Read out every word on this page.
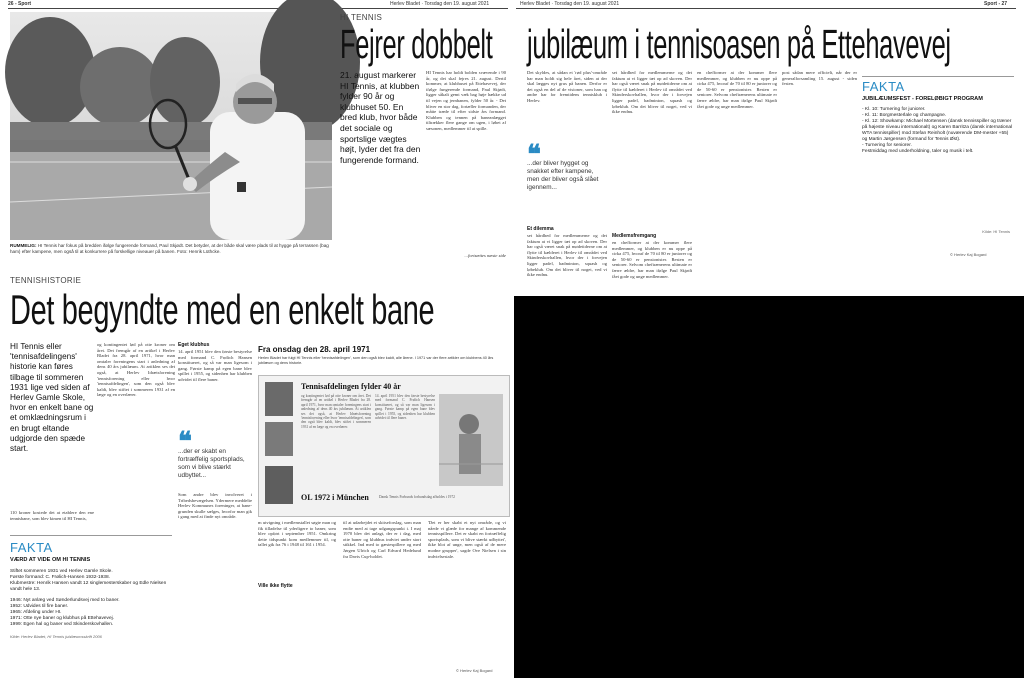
26 - Sport	Herlev Bladet · Torsdag den 19. august 2021
RUMMELIG: HI Tennis har fokus på bredden ifølge fungerende formand, Paul Skjødt. Det betyder, at der både skal være plads til at hygge på terrassen (bag ham) efter kampene, men også til at konkurrere på forskellige niveauer på banen. Foto: Henrik Lüthcke.
HI TENNIS
Fejrer dobbelt
21. august markerer HI Tennis, at klubben fylder 90 år og klubhuset 50. En bred klub, hvor både det sociale og sportslige vægtes højt, lyder det fra den fungerende formand.
HI Tennis har holdt bolden svævende i 90 år, og det skal fejres 21. august. Dertil kommer, at klubhuset på Ettehavevej, der ifølge fungerende formand, Paul Skjødt, ligger såkalt gemt væk bag høje hække ud til vejen og jernbanen, fylder 50 år. - Det bliver en stor dag, fortæller formanden, der måtte træde til efter sidste års formand. Klubben og tennen på baneanlægget tiltrækker flere gange om ugen, i løbet af sæsonen, medlemmer til at spille.
...fortsættes næste side
Herlev Bladet · Torsdag den 19. august 2021	Sport - 27
jubilæum i tennisoasen på Ettehavevej
Det skyldes, at sådan et 'rød plus'-område har man holdt sig hele året, siden at der skal lægges nyt grus på banen. Derfor er det også en del af de visioner, som han og andre har for fremtidens tennisklub i Herlev.
❝
...der bliver hygget og snakket efter kampene, men der bliver også slået igennem...
Et dilemma
set hårdhed for medlemmerne og det faktum at vi ligger tæt op ad skoven. Der har også været snak på mødetiderne om at flytte til kælderet i Herlev til området ved Skinderskovhallen, hvor der i forvejen ligger padel, badminton, squash og løbeklub. Om det bliver til noget, ved vi ikke endnu.
set hårdhed for medlemmerne og det faktum at vi ligger tæt op ad skoven. Der har også været snak på mødetiderne om at flytte til kælderet i Herlev til området ved Skinderskovhallen, hvor der i forvejen ligger padel, badminton, squash og løbeklub. Om det bliver til noget, ved vi ikke endnu.
Medlemsfremgang
en chefformer at der kommer flere medlemmer, og klubben er nu oppe på cirka 475, hvoraf de 70 til 80 er juniorer og de 50-60 er pensionister. Resten er seniorer. Selvom cheftrænerens ultimate er færre ældre, har man ifølge Paul Skjødt fået gode og unge medlemmer.
en chefformer at der kommer flere medlemmer, og klubben er nu oppe på cirka 475, hvoraf de 70 til 80 er juniorer og de 50-60 er pensionister. Resten er seniorer. Selvom cheftrænerens ultimate er færre ældre, har man ifølge Paul Skjødt fået gode og unge medlemmer.
post sådan mere officielt, når der er generalforsamling 15. august - siden festen.	FAKTA
JUBILÆUMSFEST - FORELØBIGT PROGRAM
- Kl. 10: Turnering for juniorer.
- Kl. 11: Borgmesterlale og champagne.
- Kl. 12: Showkamp: Michael Mortensen (dansk tennisspiller og træner på højeste niveau internationalt) og Karen Barritza (dansk international WTA tennisspiller) mod Stefan Reinholt (nuværende DM-mester +55) og Martin Jørgensen (formand for Tennis Øst).
- Turnering for seniorer.
Festmiddag med underholdning, taler og musik i telt.
Kilde: HI Tennis
© Herlev Kaj Bogard
TENNISHISTORIE
Det begyndte med en enkelt bane
HI Tennis eller 'tennisafdelingens' historie kan føres tilbage til sommeren 1931 lige ved siden af Herlev Gamle Skole, hvor en enkelt bane og et omklædningsrum i en brugt eltande udgjorde den spæde start.
110 kroner kostede det at etablere den ene tennisbane, som blev kimen til HI Tennis,
og kontingentet lød på otte kroner om året. Det fremgår af en artikel i Herlev Bladet fra 28. april 1971, hvor man omtaler foreningens start i anledning af dens 40 års jubilæum. At artiklen ses det også, at Herlev Idrætsforening 'tennisforening eller hvor 'tennisafdelingen', som den også blev kaldt, blev stiftet i sommeren 1931 af en læge og en overlærer.
Eget klubhus
14. april 1951 blev den første bestyrelse med formand C. Frølich Hansen konstitueret, og så var man ligesom i gang. Første kamp på egen bane blev spillet i 1955, og sidenhen har klubben udvidet til flere baner.
❝
...der er skabt en fortræffelig sportsplads, som vi blive stærkt udbyttet...
Som andre blev involveret i Tribedsbevægelsen. Ydermere meddelte Herlev Kommunes foreninger, at bane-grunden skulle sælges, hvorfor man gik i gang med at finde nyt område.
Fra onsdag den 28. april 1971
Herlev Bladet har fulgt HI Tennis eller 'tennisafdelingen', som den også blev kaldt, alle årene. I 1971 var der flere artikler om klubbens 40 års jubilæum og dens historie.
Tennisafdelingen fylder 40 år
og kontingentet lød på otte kroner om året. Det fremgår af en artikel i Herlev Bladet fra 28. april 1971, hvor man omtaler foreningens start i anledning af dens 40 års jubilæum. At artiklen ses det også, at Herlev Idrætsforening 'tennisforening eller hvor 'tennisafdelingen', som den også blev kaldt, blev stiftet i sommeren 1931 af en læge og en overlærer.
14. april 1951 blev den første bestyrelse med formand C. Frølich Hansen konstitueret, og så var man ligesom i gang. Første kamp på egen bane blev spillet i 1955, og sidenhen har klubben udvidet til flere baner.
OL 1972 i München	Dansk Tennis Forbunds forbundsdag afholdes i 1972
m utvigning i medlemstallet søgte man og fik tilladelse til yderligere to baner, som blev opført i september 1951. Omkring dette tidspunkt kom medlemmer til, og tallet gik fra 76 i 1948 til 161 i 1954.
Ville ikke flytte
til at udarbejdet et skitseforslag, som man endte med at tage udgangspunkt i. I maj 1970 blev det anlagt, der er i dag, med otte baner og klubhus indviet under stort stikkel. Ind med to gæstespillere og med Jørgen Ulrich og Carl Edvard Hedelund fra Davis Cup-holdet.
'Det er her skabt et nyt område, og vi nåede vi glæde for mange af kommende tennisspillere. Det er skabt en fortræffelig sportsplads, som vi blive stærkt udbyttet', ikke blot af unge, men også af de mere modne grupper', sagde Ove Nielsen i sin indvielsestale.
© Herlev Kaj Bogard
FAKTA
VÆRD AT VIDE OM HI TENNIS
Stiftet sommeren 1931 ved Herlev Gamle Skole.
Første formand: C. Frølich-Hansen 1932-1938.
Klubmestre: Henrik Hansen vandt 12 singlemesterskaber og Edle Nielsen vandt hele 13.
1946: Nyt anlæg ved Sønderlundsvej med to baner.
1952: Udvides til fire baner.
1965: Afdeling under HI.
1971: Otte nye baner og klubhus på Ettehavevej.
1999: Egen hal og baner ved Skinderskovhallen.
Kilde: Herlev Bladet, HI Tennis jubilæumsskrift 2006
